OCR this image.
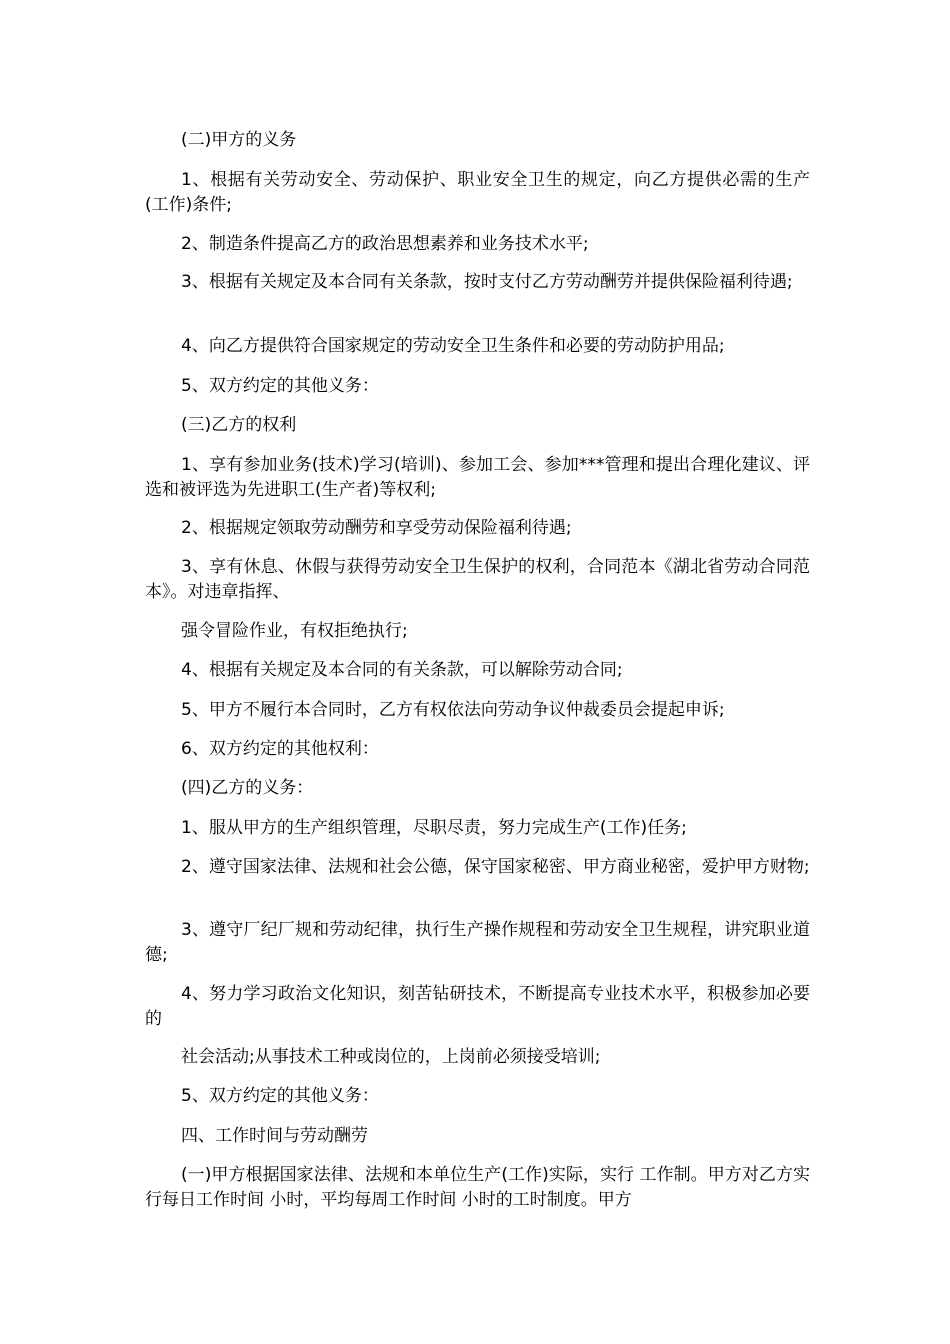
(二)甲方的义务

1、根据有关劳动安全、劳动保护、职业安全卫生的规定，向乙方提供必需的生产(工作)条件;

2、制造条件提高乙方的政治思想素养和业务技术水平;

3、根据有关规定及本合同有关条款，按时支付乙方劳动酬劳并提供保险福利待遇;

4、向乙方提供符合国家规定的劳动安全卫生条件和必要的劳动防护用品;

5、双方约定的其他义务：

(三)乙方的权利

1、享有参加业务(技术)学习(培训)、参加工会、参加***管理和提出合理化建议、评选和被评选为先进职工(生产者)等权利;

2、根据规定领取劳动酬劳和享受劳动保险福利待遇;

3、享有休息、休假与获得劳动安全卫生保护的权利，合同范本《湖北省劳动合同范本》。对违章指挥、

强令冒险作业，有权拒绝执行;

4、根据有关规定及本合同的有关条款，可以解除劳动合同;

5、甲方不履行本合同时，乙方有权依法向劳动争议仲裁委员会提起申诉;

6、双方约定的其他权利：

(四)乙方的义务：

1、服从甲方的生产组织管理，尽职尽责，努力完成生产(工作)任务;

2、遵守国家法律、法规和社会公德，保守国家秘密、甲方商业秘密，爱护甲方财物;

3、遵守厂纪厂规和劳动纪律，执行生产操作规程和劳动安全卫生规程，讲究职业道德;

4、努力学习政治文化知识，刻苦钻研技术，不断提高专业技术水平，积极参加必要的

社会活动;从事技术工种或岗位的，上岗前必须接受培训;

5、双方约定的其他义务：

四、工作时间与劳动酬劳

(一)甲方根据国家法律、法规和本单位生产(工作)实际，实行 工作制。甲方对乙方实行每日工作时间 小时，平均每周工作时间 小时的工时制度。甲方
